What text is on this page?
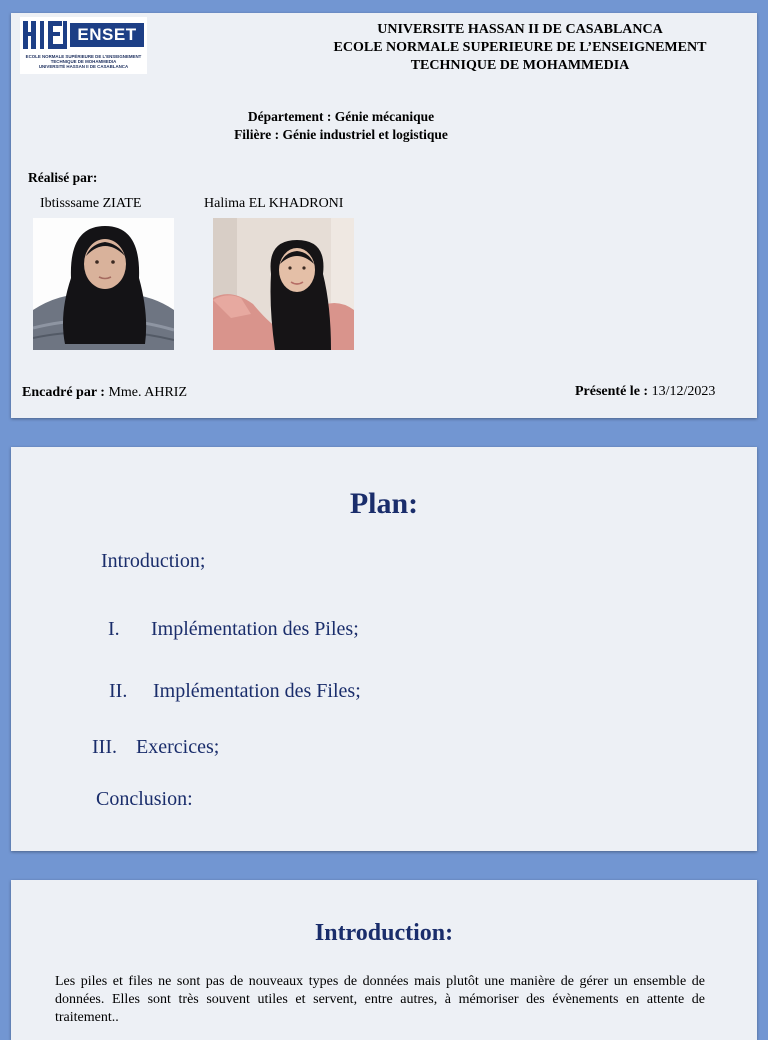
ENSET
ECOLE NORMALE SUPÉRIEURE DE L'ENSEIGNEMENT
TECHNIQUE DE MOHAMMEDIA
UNIVERSITÉ HASSAN II DE CASABLANCA
UNIVERSITE HASSAN II DE CASABLANCA
ECOLE NORMALE SUPERIEURE DE L’ENSEIGNEMENT
TECHNIQUE DE MOHAMMEDIA
Département : Génie mécanique
Filière : Génie industriel et logistique
Réalisé par:
Ibtisssame ZIATE	Halima EL KHADRONI
Encadré par : Mme. AHRIZ	Présenté le : 13/12/2023
Plan:
Introduction;
I. Implémentation des Piles;
II. Implémentation des Files;
III. Exercices;
Conclusion:
Introduction:
Les piles et files ne sont pas de nouveaux types de données mais plutôt une manière de gérer un ensemble de données. Elles sont très souvent utiles et servent, entre autres, à mémoriser des évènements en attente de traitement..
